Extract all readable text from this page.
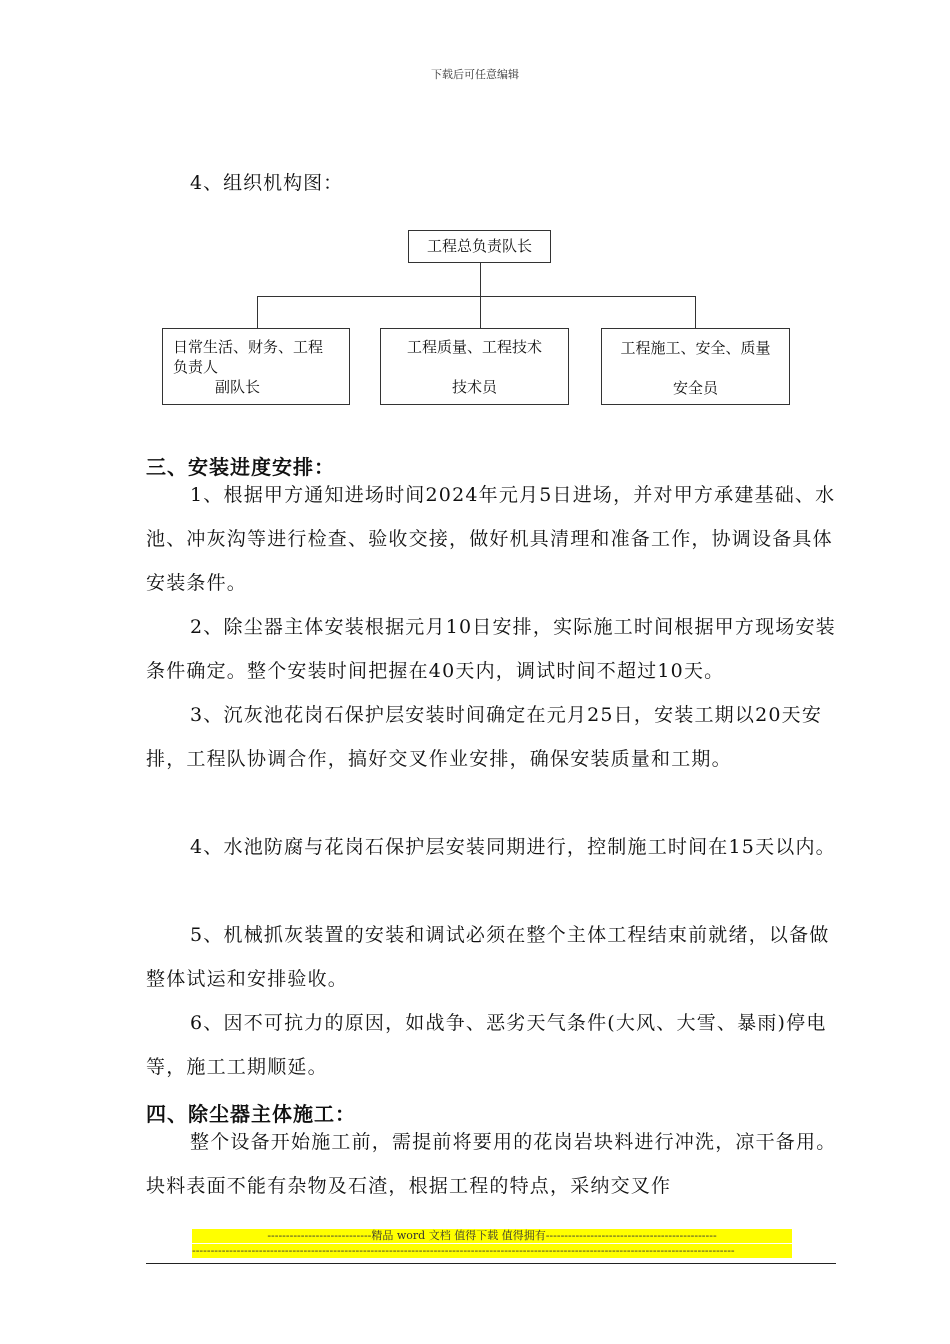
下载后可任意编辑
4、组织机构图：
工程总负责队长
日常生活、财务、工程
负责人
副队长
工程质量、工程技术
技术员
工程施工、安全、质量
安全员
三、安装进度安排：
1、根据甲方通知进场时间2024年元月5日进场，并对甲方承建基础、水池、冲灰沟等进行检查、验收交接，做好机具清理和准备工作，协调设备具体安装条件。
2、除尘器主体安装根据元月10日安排，实际施工时间根据甲方现场安装条件确定。整个安装时间把握在40天内，调试时间不超过10天。
3、沉灰池花岗石保护层安装时间确定在元月25日，安装工期以20天安排，工程队协调合作，搞好交叉作业安排，确保安装质量和工期。
4、水池防腐与花岗石保护层安装同期进行，控制施工时间在15天以内。
5、机械抓灰装置的安装和调试必须在整个主体工程结束前就绪，以备做整体试运和安排验收。
6、因不可抗力的原因，如战争、恶劣天气条件(大风、大雪、暴雨)停电等，施工工期顺延。
四、除尘器主体施工：
整个设备开始施工前，需提前将要用的花岗岩块料进行冲洗，凉干备用。块料表面不能有杂物及石渣，根据工程的特点，采纳交叉作
----------------------------精品 word 文档 值得下载 值得拥有----------------------------------------------
--------------------------------------------------------------------------------------------------------------------------------------------------
